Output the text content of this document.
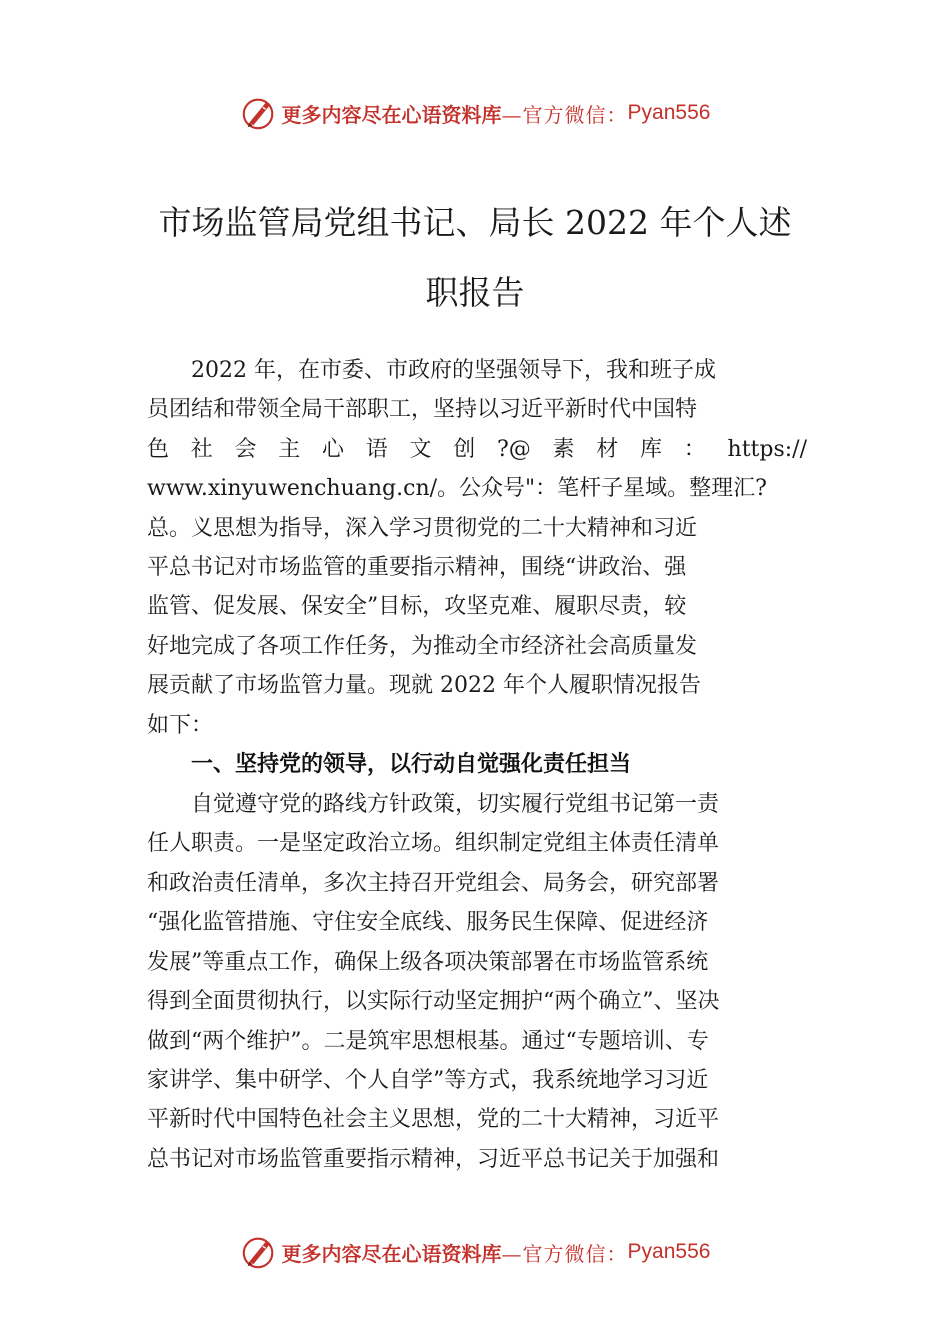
更多内容尽在心语资料库 —官方微信： Pyan556
市场监管局党组书记、局长 2022 年个人述
职报告

2022 年，在市委、市政府的坚强领导下，我和班子成

员团结和带领全局干部职工，坚持以习近平新时代中国特
色 社 会 主 心 语 文 创 ?@ 素 材 库 ： https://
www.xinyuwenchuang.cn/。公众号"：笔杆子星域。整理汇?
总。义思想为指导，深入学习贯彻党的二十大精神和习近
平总书记对市场监管的重要指示精神，围绕“讲政治、强
监管、促发展、保安全”目标，攻坚克难、履职尽责，较
好地完成了各项工作任务，为推动全市经济社会高质量发
展贡献了市场监管力量。现就 2022 年个人履职情况报告
如下：
一、坚持党的领导，以行动自觉强化责任担当

自觉遵守党的路线方针政策，切实履行党组书记第一责

任人职责。一是坚定政治立场。组织制定党组主体责任清单
和政治责任清单，多次主持召开党组会、局务会，研究部署
“强化监管措施、守住安全底线、服务民生保障、促进经济
发展”等重点工作，确保上级各项决策部署在市场监管系统
得到全面贯彻执行，以实际行动坚定拥护“两个确立”、坚决
做到“两个维护”。二是筑牢思想根基。通过“专题培训、专
家讲学、集中研学、个人自学”等方式，我系统地学习习近
平新时代中国特色社会主义思想，党的二十大精神，习近平
总书记对市场监管重要指示精神，习近平总书记关于加强和
更多内容尽在心语资料库 —官方微信： Pyan556
